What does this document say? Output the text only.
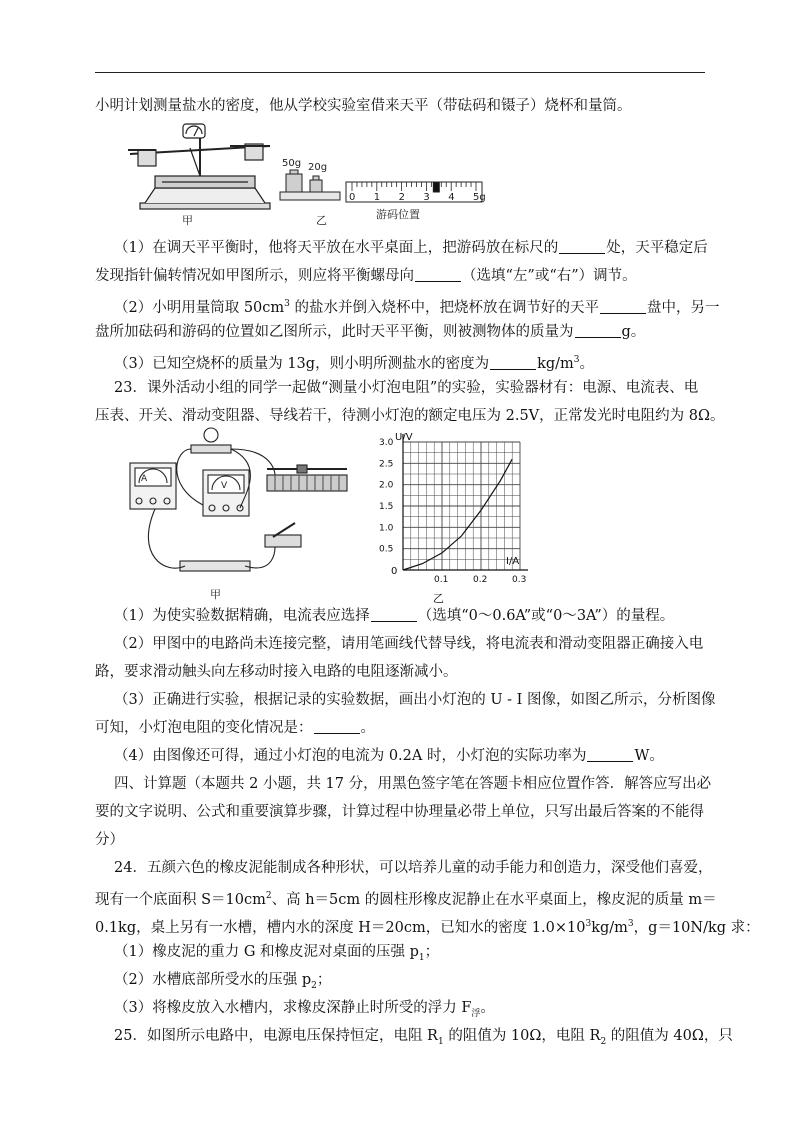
小明计划测量盐水的密度，他从学校实验室借来天平（带砝码和镊子）烧杯和量筒。
甲
50g 20g
乙
0 1 2 3 4 5g
游码位置
（1）在调天平平衡时，他将天平放在水平桌面上，把游码放在标尺的	处，天平稳定后
发现指针偏转情况如甲图所示，则应将平衡螺母向	（选填“左”或“右”）调节。
（2）小明用量筒取 $50cm^3$ 的盐水并倒入烧杯中，把烧杯放在调节好的天平	盘中，另一
盘所加砝码和游码的位置如乙图所示，此时天平平衡，则被测物体的质量为	g。
（3）已知空烧杯的质量为 13g，则小明所测盐水的密度为	$kg/m^3$。
23．课外活动小组的同学一起做“测量小灯泡电阻”的实验，实验器材有：电源、电流表、电
压表、开关、滑动变阻器、导线若干，待测小灯泡的额定电压为 2.5V，正常发光时电阻约为 8Ω。
A
V
甲
0.5
1.0
1.5
2.0
2.5
3.0
0.1	0.2	0.3
U/V
I/A
0
乙
（1）为使实验数据精确，电流表应选择	（选填“0～0.6A”或“0～3A”）的量程。
（2）甲图中的电路尚未连接完整，请用笔画线代替导线，将电流表和滑动变阻器正确接入电
路，要求滑动触头向左移动时接入电路的电阻逐渐减小。
（3）正确进行实验，根据记录的实验数据，画出小灯泡的 U - I 图像，如图乙所示，分析图像
可知，小灯泡电阻的变化情况是：	。
（4）由图像还可得，通过小灯泡的电流为 0.2A 时，小灯泡的实际功率为	W。
四、计算题（本题共 2 小题，共 17 分，用黑色签字笔在答题卡相应位置作答．解答应写出必
要的文字说明、公式和重要演算步骤，计算过程中协理量必带上单位，只写出最后答案的不能得
分）
24．五颜六色的橡皮泥能制成各种形状，可以培养儿童的动手能力和创造力，深受他们喜爱，
现有一个底面积 $S=10cm^2$、高 h＝5cm 的圆柱形橡皮泥静止在水平桌面上，橡皮泥的质量 m＝
0.1kg，桌上另有一水槽，槽内水的深度 H＝20cm，已知水的密度 $1.0\times 10^3kg/m^3$，g＝10N/kg 求：
（1）橡皮泥的重力 G 和橡皮泥对桌面的压强 $p_1$；
（2）水槽底部所受水的压强 $p_2$；
（3）将橡皮放入水槽内，求橡皮深静止时所受的浮力 $F_浮$。
25．如图所示电路中，电源电压保持恒定，电阻 $R_1$ 的阻值为 10Ω，电阻 $R_2$ 的阻值为 40Ω，只
